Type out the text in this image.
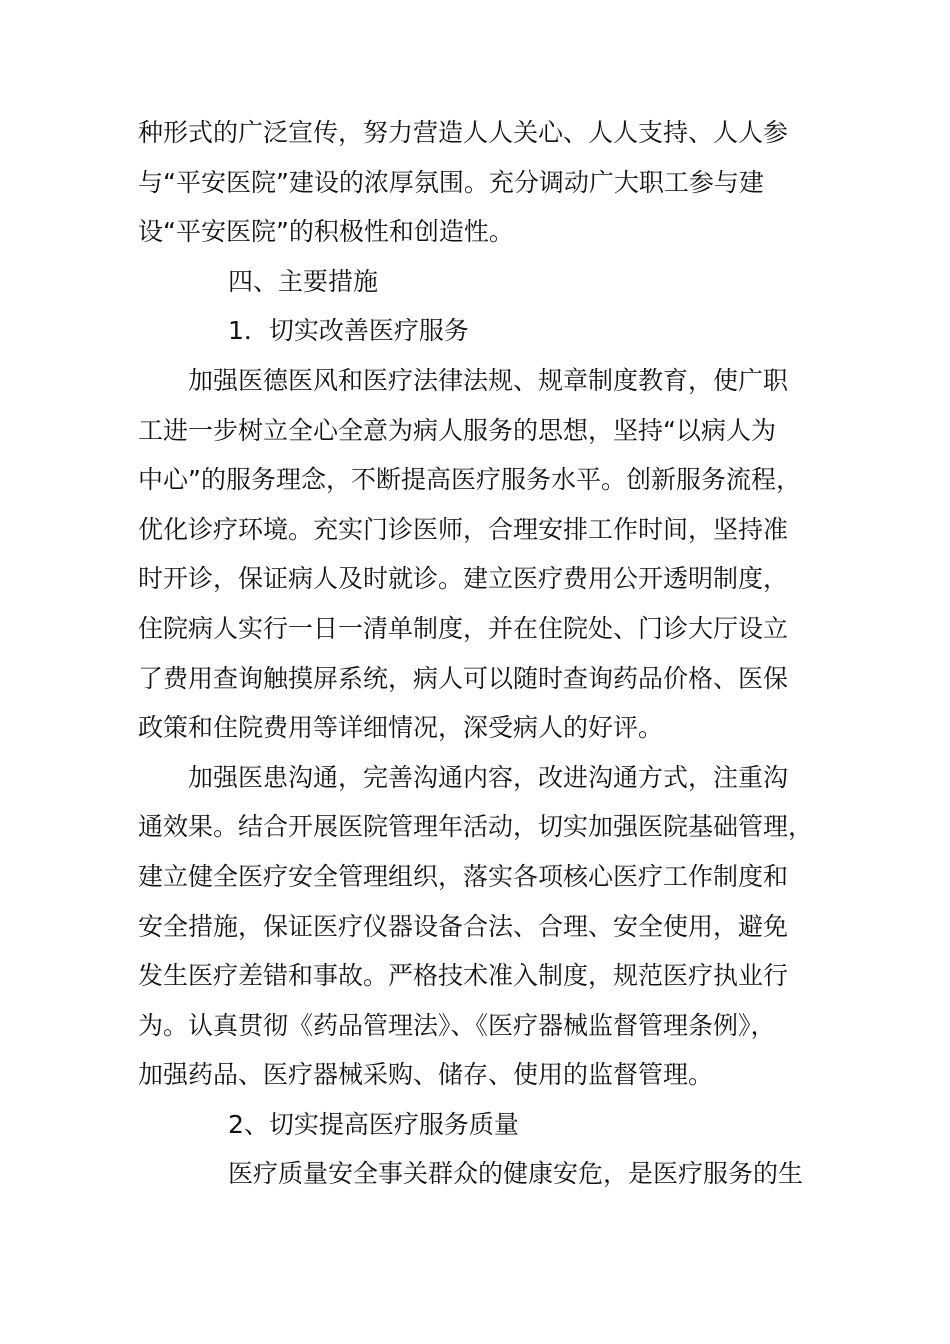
种形式的广泛宣传，努力营造人人关心、人人支持、人人参
与“平安医院”建设的浓厚氛围。充分调动广大职工参与建
设“平安医院”的积极性和创造性。
四、主要措施
1．切实改善医疗服务
加强医德医风和医疗法律法规、规章制度教育，使广职
工进一步树立全心全意为病人服务的思想，坚持“以病人为
中心”的服务理念，不断提高医疗服务水平。创新服务流程，
优化诊疗环境。充实门诊医师，合理安排工作时间，坚持准
时开诊，保证病人及时就诊。建立医疗费用公开透明制度，
住院病人实行一日一清单制度，并在住院处、门诊大厅设立
了费用查询触摸屏系统，病人可以随时查询药品价格、医保
政策和住院费用等详细情况，深受病人的好评。
加强医患沟通，完善沟通内容，改进沟通方式，注重沟
通效果。结合开展医院管理年活动，切实加强医院基础管理，
建立健全医疗安全管理组织，落实各项核心医疗工作制度和
安全措施，保证医疗仪器设备合法、合理、安全使用，避免
发生医疗差错和事故。严格技术准入制度，规范医疗执业行
为。认真贯彻《药品管理法》、《医疗器械监督管理条例》，
加强药品、医疗器械采购、储存、使用的监督管理。
2、切实提高医疗服务质量
医疗质量安全事关群众的健康安危，是医疗服务的生
